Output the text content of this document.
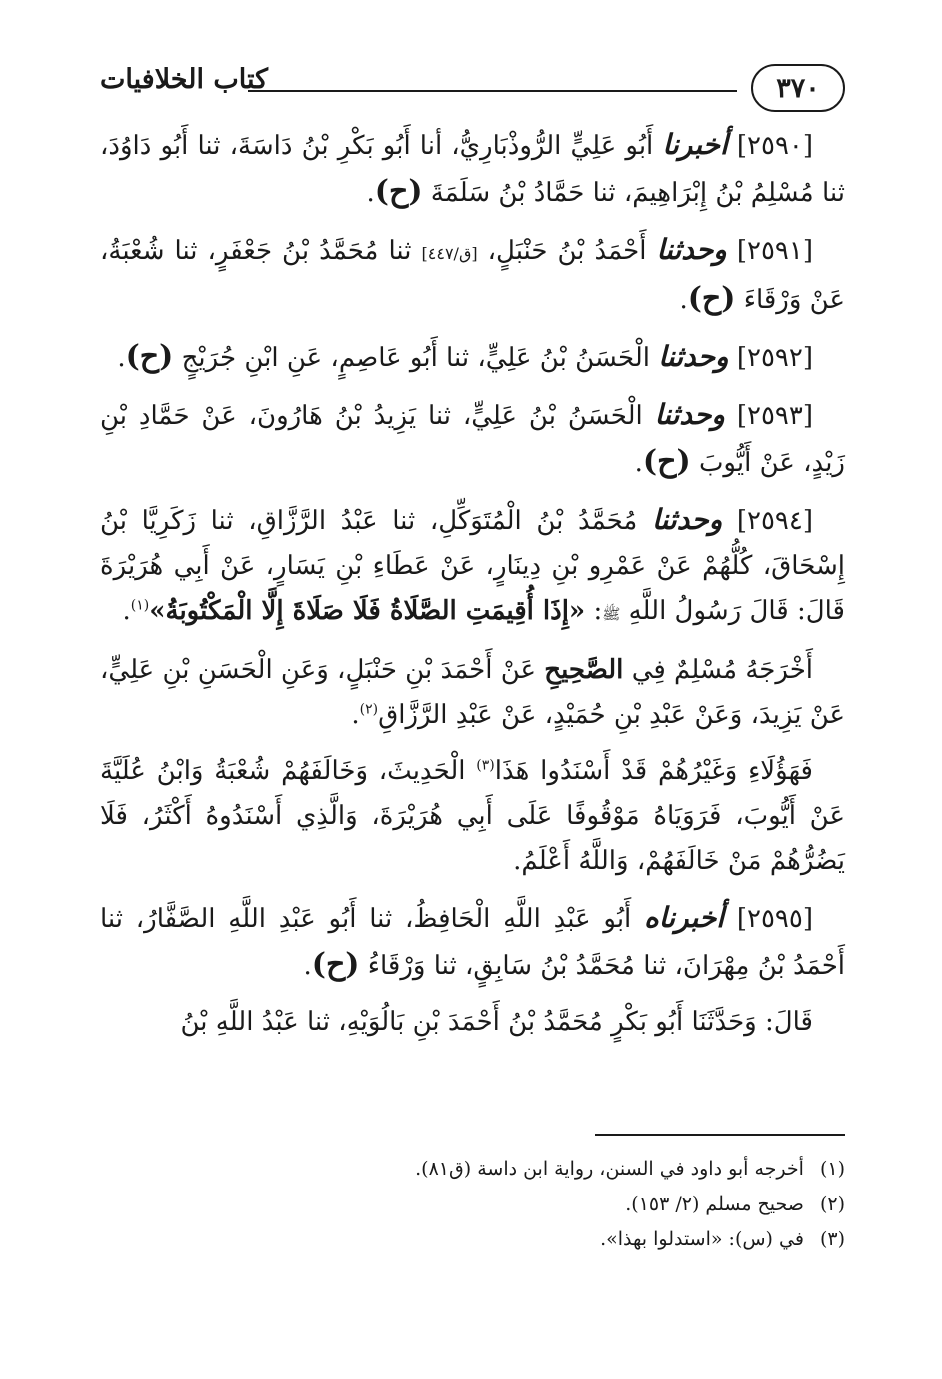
٣٧٠
كتاب الخلافيات

[٢٥٩٠] أخبرنا أَبُو عَلِيٍّ الرُّوذْبَارِيُّ، أنا أَبُو بَكْرِ بْنُ دَاسَةَ، ثنا أَبُو دَاوُدَ، ثنا مُسْلِمُ بْنُ إِبْرَاهِيمَ، ثنا حَمَّادُ بْنُ سَلَمَةَ (ح).

[٢٥٩١] وحدثنا أَحْمَدُ بْنُ حَنْبَلٍ، [ق/٤٤٧] ثنا مُحَمَّدُ بْنُ جَعْفَرٍ، ثنا شُعْبَةُ، عَنْ وَرْقَاءَ (ح).

[٢٥٩٢] وحدثنا الْحَسَنُ بْنُ عَلِيٍّ، ثنا أَبُو عَاصِمٍ، عَنِ ابْنِ جُرَيْجٍ (ح).

[٢٥٩٣] وحدثنا الْحَسَنُ بْنُ عَلِيٍّ، ثنا يَزِيدُ بْنُ هَارُونَ، عَنْ حَمَّادِ بْنِ زَيْدٍ، عَنْ أَيُّوبَ (ح).

[٢٥٩٤] وحدثنا مُحَمَّدُ بْنُ الْمُتَوَكِّلِ، ثنا عَبْدُ الرَّزَّاقِ، ثنا زَكَرِيَّا بْنُ إِسْحَاقَ، كُلُّهُمْ عَنْ عَمْرِو بْنِ دِينَارٍ، عَنْ عَطَاءِ بْنِ يَسَارٍ، عَنْ أَبِي هُرَيْرَةَ قَالَ: قَالَ رَسُولُ اللَّهِ ﷺ: «إِذَا أُقِيمَتِ الصَّلَاةُ فَلَا صَلَاةَ إِلَّا الْمَكْتُوبَةُ»$^{(١)}$.

أَخْرَجَهُ مُسْلِمٌ فِي الصَّحِيحِ عَنْ أَحْمَدَ بْنِ حَنْبَلٍ، وَعَنِ الْحَسَنِ بْنِ عَلِيٍّ، عَنْ يَزِيدَ، وَعَنْ عَبْدِ بْنِ حُمَيْدٍ، عَنْ عَبْدِ الرَّزَّاقِ$^{(٢)}$.

فَهَؤُلَاءِ وَغَيْرُهُمْ قَدْ أَسْنَدُوا هَذَا$^{(٣)}$ الْحَدِيثَ، وَخَالَفَهُمْ شُعْبَةُ وَابْنُ عُلَيَّةَ عَنْ أَيُّوبَ، فَرَوَيَاهُ مَوْقُوفًا عَلَى أَبِي هُرَيْرَةَ، وَالَّذِي أَسْنَدُوهُ أَكْثَرُ، فَلَا يَضُرُّهُمْ مَنْ خَالَفَهُمْ، وَاللَّهُ أَعْلَمُ.

[٢٥٩٥] أخبرناه أَبُو عَبْدِ اللَّهِ الْحَافِظُ، ثنا أَبُو عَبْدِ اللَّهِ الصَّفَّارُ، ثنا أَحْمَدُ بْنُ مِهْرَانَ، ثنا مُحَمَّدُ بْنُ سَابِقٍ، ثنا وَرْقَاءُ (ح).

قَالَ: وَحَدَّثَنَا أَبُو بَكْرٍ مُحَمَّدُ بْنُ أَحْمَدَ بْنِ بَالُوَيْهِ، ثنا عَبْدُ اللَّهِ بْنُ

(١)
أخرجه أبو داود في السنن، رواية ابن داسة (ق٨١).
(٢)
صحيح مسلم (٢/ ١٥٣).
(٣)
في (س): «استدلوا بهذا».
